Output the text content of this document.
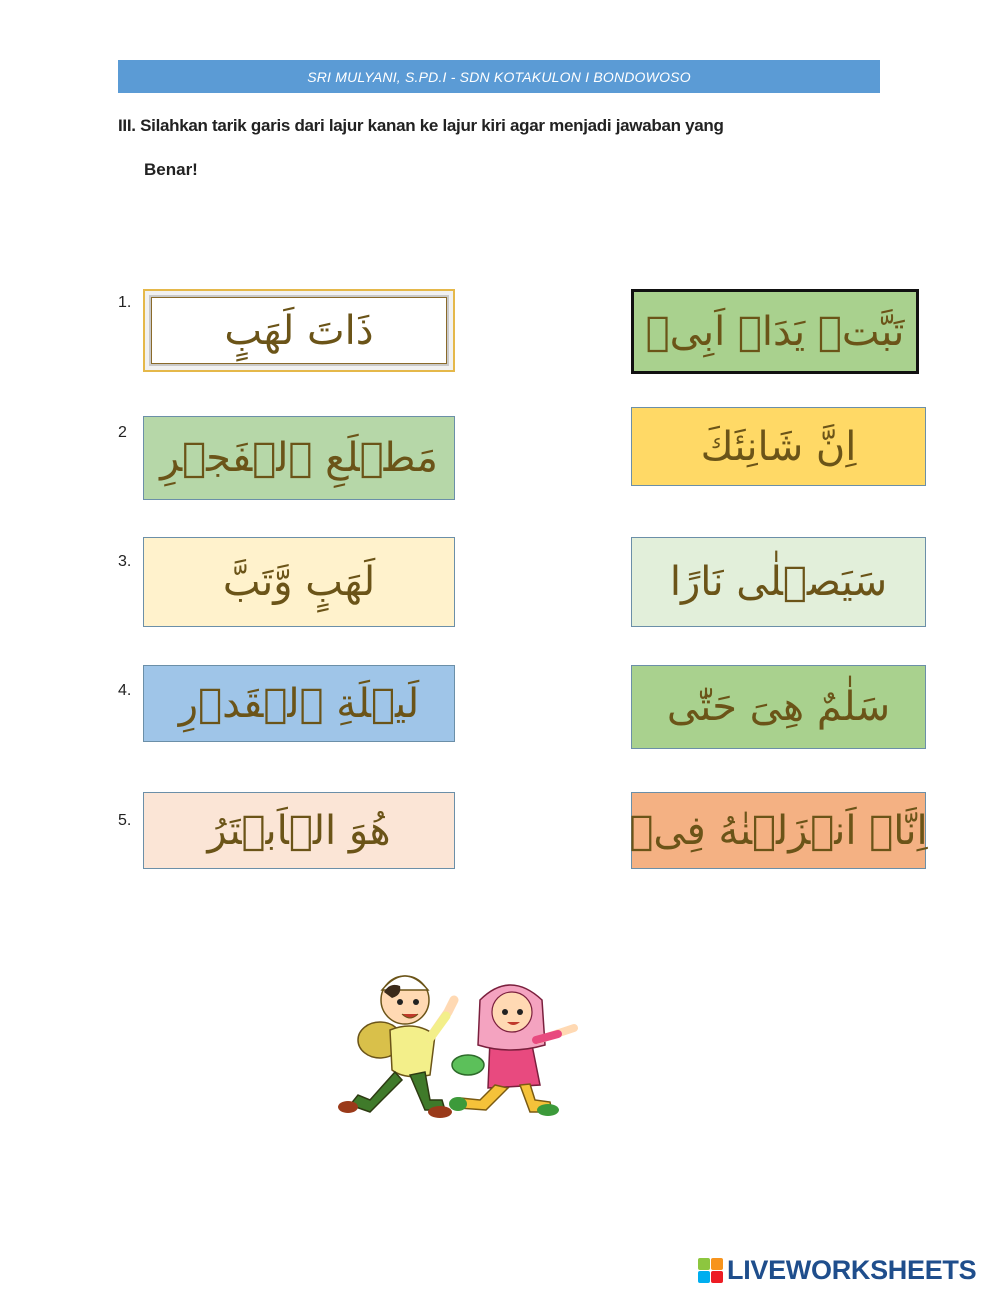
SRI MULYANI, S.PD.I - SDN KOTAKULON I BONDOWOSO
III. Silahkan tarik garis dari lajur kanan ke lajur kiri agar menjadi jawaban yang
Benar!
1.
ذَاتَ لَهَبٍ
2
مَطۡلَعِ ٱلۡفَجۡرِ
3. لَهَبٍ وَّتَبَّ
4. لَيۡلَةِ ٱلۡقَدۡرِ
5. هُوَ الۡاَبۡتَرُ
تَبَّتۡ يَدَاۤ اَبِىۡ
اِنَّ شَانِئَكَ
سَيَصۡلٰى نَارًا
سَلٰمٌ هِىَ حَتّٰى
اِنَّاۤ اَنۡزَلۡنٰهُ فِىۡ
LIVEWORKSHEETS
